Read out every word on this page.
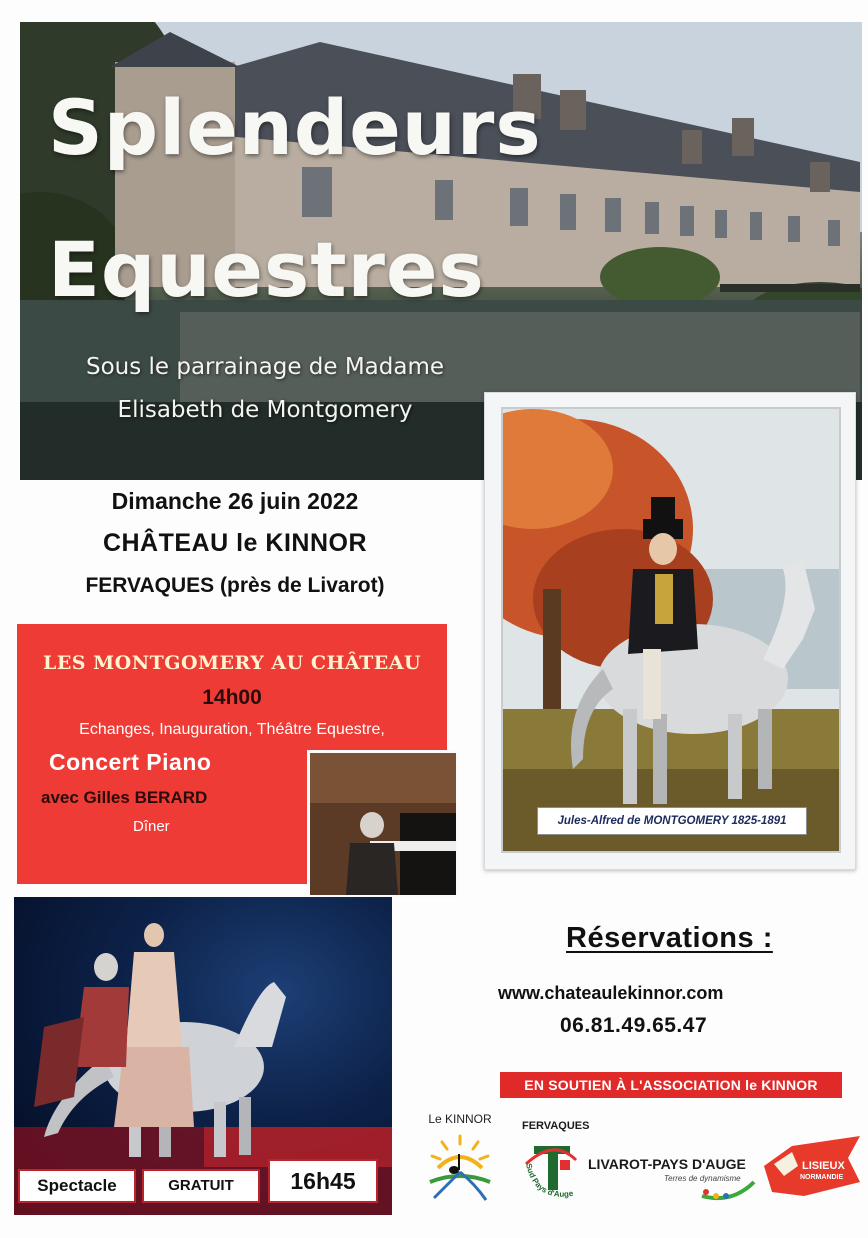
Splendeurs
Equestres
Sous le parrainage de Madame
Elisabeth de Montgomery
Dimanche 26 juin 2022
CHÂTEAU le KINNOR
FERVAQUES (près de Livarot)
Jules-Alfred de MONTGOMERY 1825-1891
LES MONTGOMERY AU CHÂTEAU
14h00
Echanges, Inauguration, Théâtre Equestre,
Concert Piano
avec Gilles BERARD
Dîner
Spectacle	GRATUIT	16h45
Réservations :
www.chateaulekinnor.com
06.81.49.65.47
EN SOUTIEN À L'ASSOCIATION le KINNOR
Le KINNOR	FERVAQUES
Sud Pays d'Auge
LIVAROT-PAYS D'AUGE
Terres de dynamisme
LISIEUX
NORMANDIE
